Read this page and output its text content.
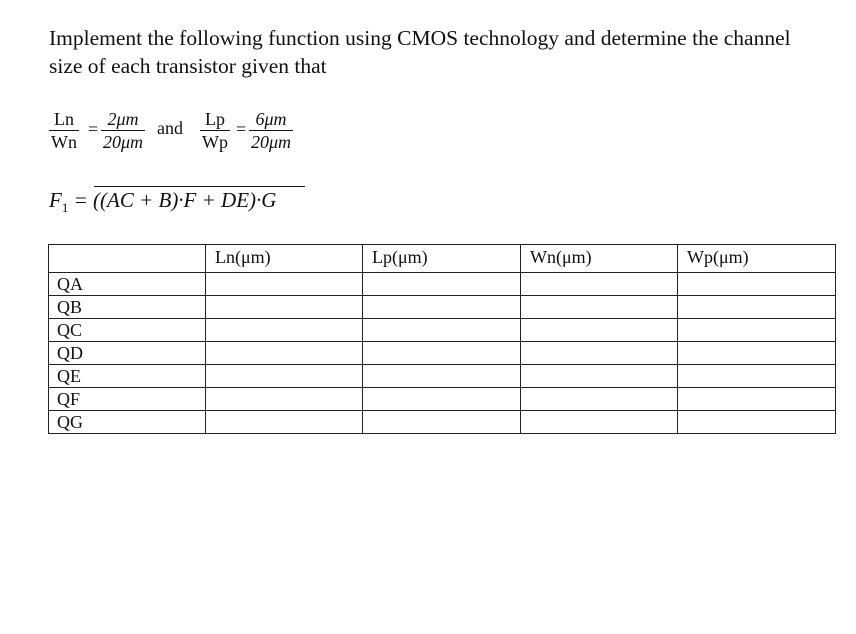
Implement the following function using CMOS technology and determine the channel size of each transistor given that

Ln
Wn
= 2μm
20μm
and Lp
Wp
= 6μm
20μm
$F_1 = ((AC + B)\cdot F + DE)\cdot G$
	Ln(μm)	Lp(μm)	Wn(μm)	Wp(μm)
QA				
QB				
QC				
QD				
QE				
QF				
QG				
